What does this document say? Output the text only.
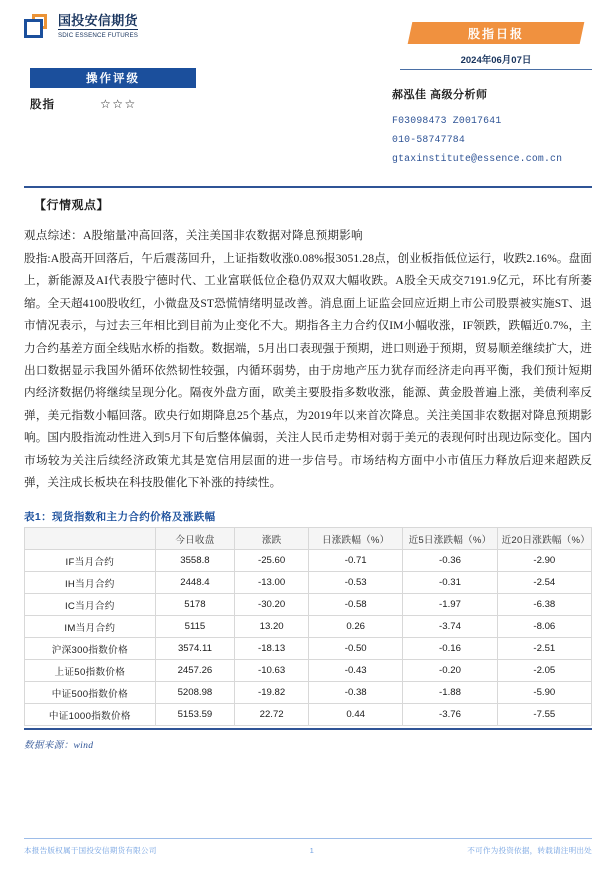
国投安信期货
SDIC ESSENCE FUTURES
操作评级
股指	☆☆☆
股指日报
2024年06月07日
郝泓佳 高级分析师
F03098473 Z0017641
010-58747784
gtaxinstitute@essence.com.cn
【行情观点】
观点综述：A股缩量冲高回落，关注美国非农数据对降息预期影响

股指:A股高开回落后，午后震荡回升，上证指数收涨0.08%报3051.28点，创业板指低位运行，收跌2.16%。盘面上，新能源及AI代表股宁德时代、工业富联低位企稳仍双双大幅收跌。A股全天成交7191.9亿元，环比有所萎缩。全天超4100股收红，小微盘及ST恐慌情绪明显改善。消息面上证监会回应近期上市公司股票被实施ST、退市情况表示，与过去三年相比到目前为止变化不大。期指各主力合约仅IM小幅收涨，IF领跌，跌幅近0.7%，主力合约基差方面全线贴水桥的指数。数据端，5月出口表现强于预期，进口则逊于预期，贸易顺差继续扩大，进出口数据显示我国外循环依然韧性较强，内循环弱势，由于房地产压力犹存而经济走向再平衡，我们预计短期内经济数据仍将继续呈现分化。隔夜外盘方面，欧美主要股指多数收涨，能源、黄金股普遍上涨，美债利率反弹，美元指数小幅回落。欧央行如期降息25个基点，为2019年以来首次降息。关注美国非农数据对降息预期影响。国内股指流动性进入到5月下旬后整体偏弱，关注人民币走势相对弱于美元的表现何时出现边际变化。国内市场较为关注后续经济政策尤其是宽信用层面的进一步信号。市场结构方面中小市值压力释放后迎来超跌反弹，关注成长板块在科技股催化下补涨的持续性。

表1：现货指数和主力合约价格及涨跌幅
	今日收盘	涨跌	日涨跌幅（%）	近5日涨跌幅（%）	近20日涨跌幅（%）
IF当月合约	3558.8	-25.60	-0.71	-0.36	-2.90
IH当月合约	2448.4	-13.00	-0.53	-0.31	-2.54
IC当月合约	5178	-30.20	-0.58	-1.97	-6.38
IM当月合约	5115	13.20	0.26	-3.74	-8.06
沪深300指数价格	3574.11	-18.13	-0.50	-0.16	-2.51
上证50指数价格	2457.26	-10.63	-0.43	-0.20	-2.05
中证500指数价格	5208.98	-19.82	-0.38	-1.88	-5.90
中证1000指数价格	5153.59	22.72	0.44	-3.76	-7.55
数据来源：wind
本报告版权属于国投安信期货有限公司	1	不可作为投资依据，转载请注明出处
